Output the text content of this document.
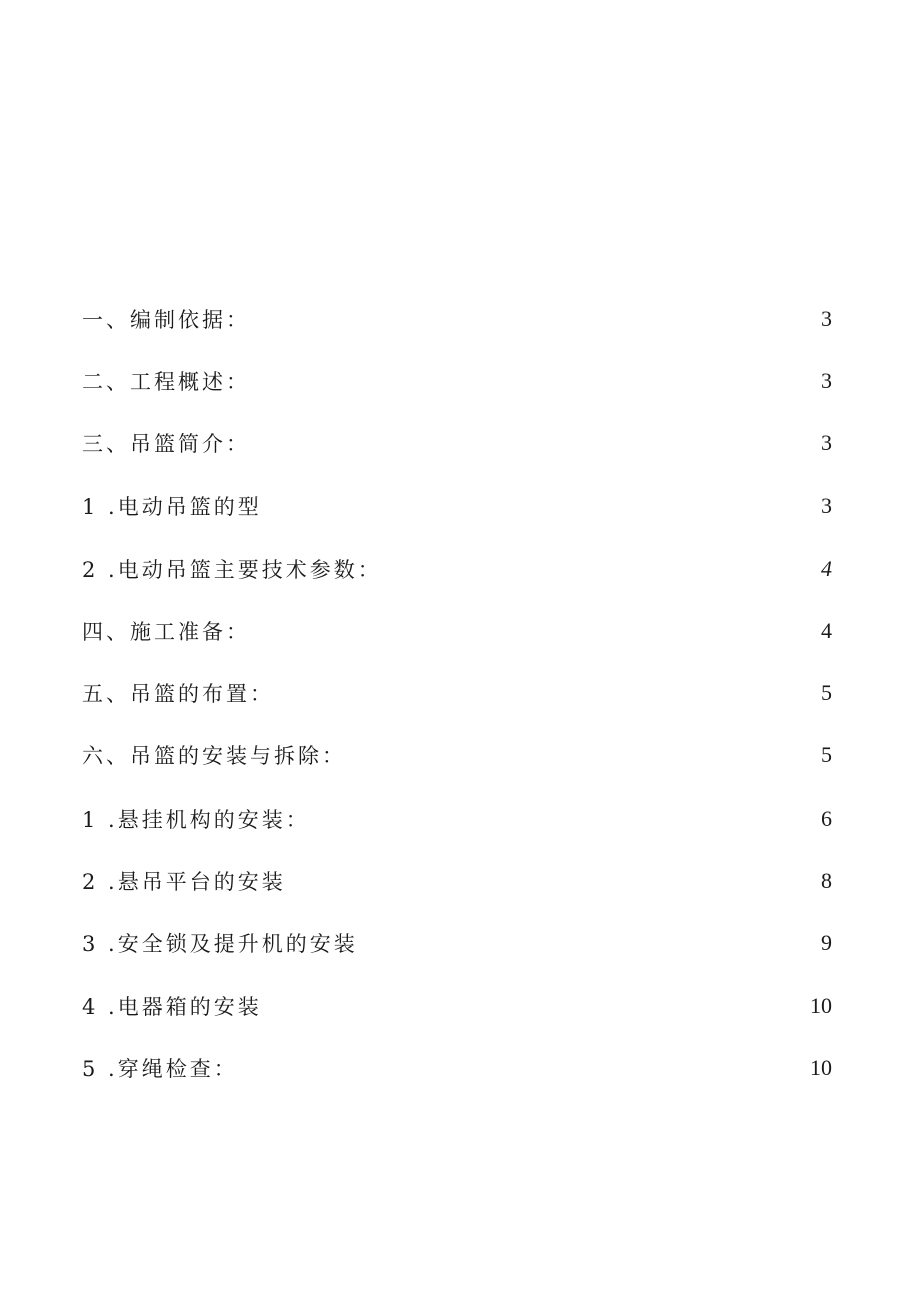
一、编制依据：	3
二、工程概述：	3
三、吊篮简介：	3
1 .电动吊篮的型	3
2 .电动吊篮主要技术参数：	4
四、施工准备：	4
五、吊篮的布置：	5
六、吊篮的安装与拆除：	5
1 .悬挂机构的安装：	6
2 .悬吊平台的安装	8
3 .安全锁及提升机的安装	9
4 .电器箱的安装	10
5 .穿绳检查：	10
